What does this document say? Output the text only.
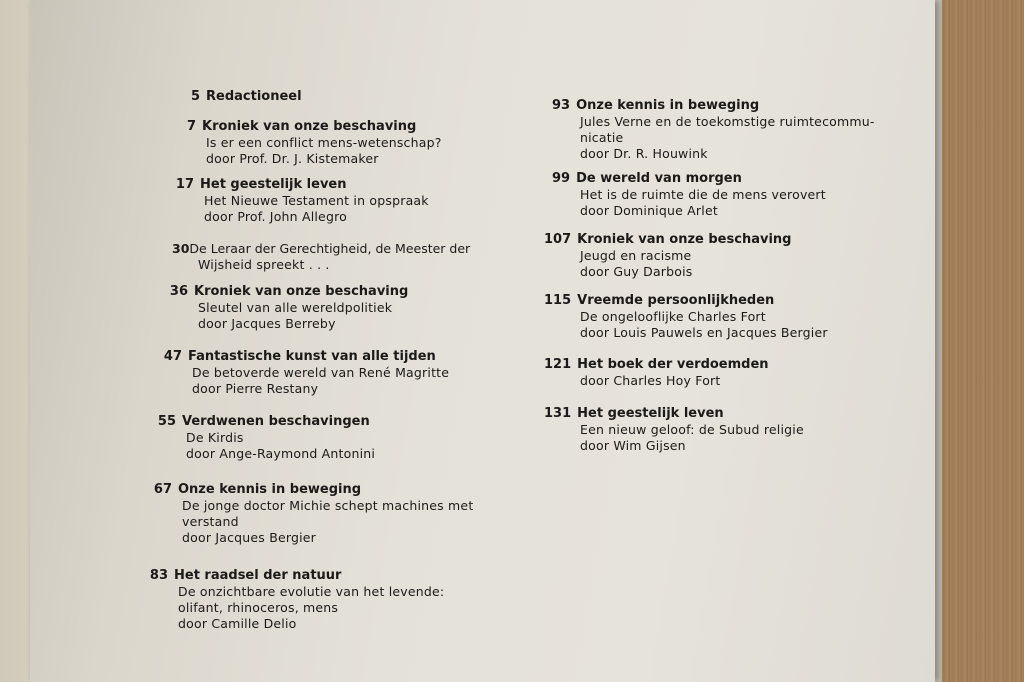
5 Redactioneel
7 Kroniek van onze beschaving
Is er een conflict mens-wetenschap?
door Prof. Dr. J. Kistemaker
17 Het geestelijk leven
Het Nieuwe Testament in opspraak
door Prof. John Allegro
30De Leraar der Gerechtigheid, de Meester der
Wijsheid spreekt . . .
36 Kroniek van onze beschaving
Sleutel van alle wereldpolitiek
door Jacques Berreby
47 Fantastische kunst van alle tijden
De betoverde wereld van René Magritte
door Pierre Restany
55 Verdwenen beschavingen
De Kirdis
door Ange-Raymond Antonini
67 Onze kennis in beweging
De jonge doctor Michie schept machines met
verstand
door Jacques Bergier
83 Het raadsel der natuur
De onzichtbare evolutie van het levende:
olifant, rhinoceros, mens
door Camille Delio
93 Onze kennis in beweging
Jules Verne en de toekomstige ruimtecommu-
nicatie
door Dr. R. Houwink
99 De wereld van morgen
Het is de ruimte die de mens verovert
door Dominique Arlet
107 Kroniek van onze beschaving
Jeugd en racisme
door Guy Darbois
115 Vreemde persoonlijkheden
De ongelooflijke Charles Fort
door Louis Pauwels en Jacques Bergier
121 Het boek der verdoemden
door Charles Hoy Fort
131 Het geestelijk leven
Een nieuw geloof: de Subud religie
door Wim Gijsen
